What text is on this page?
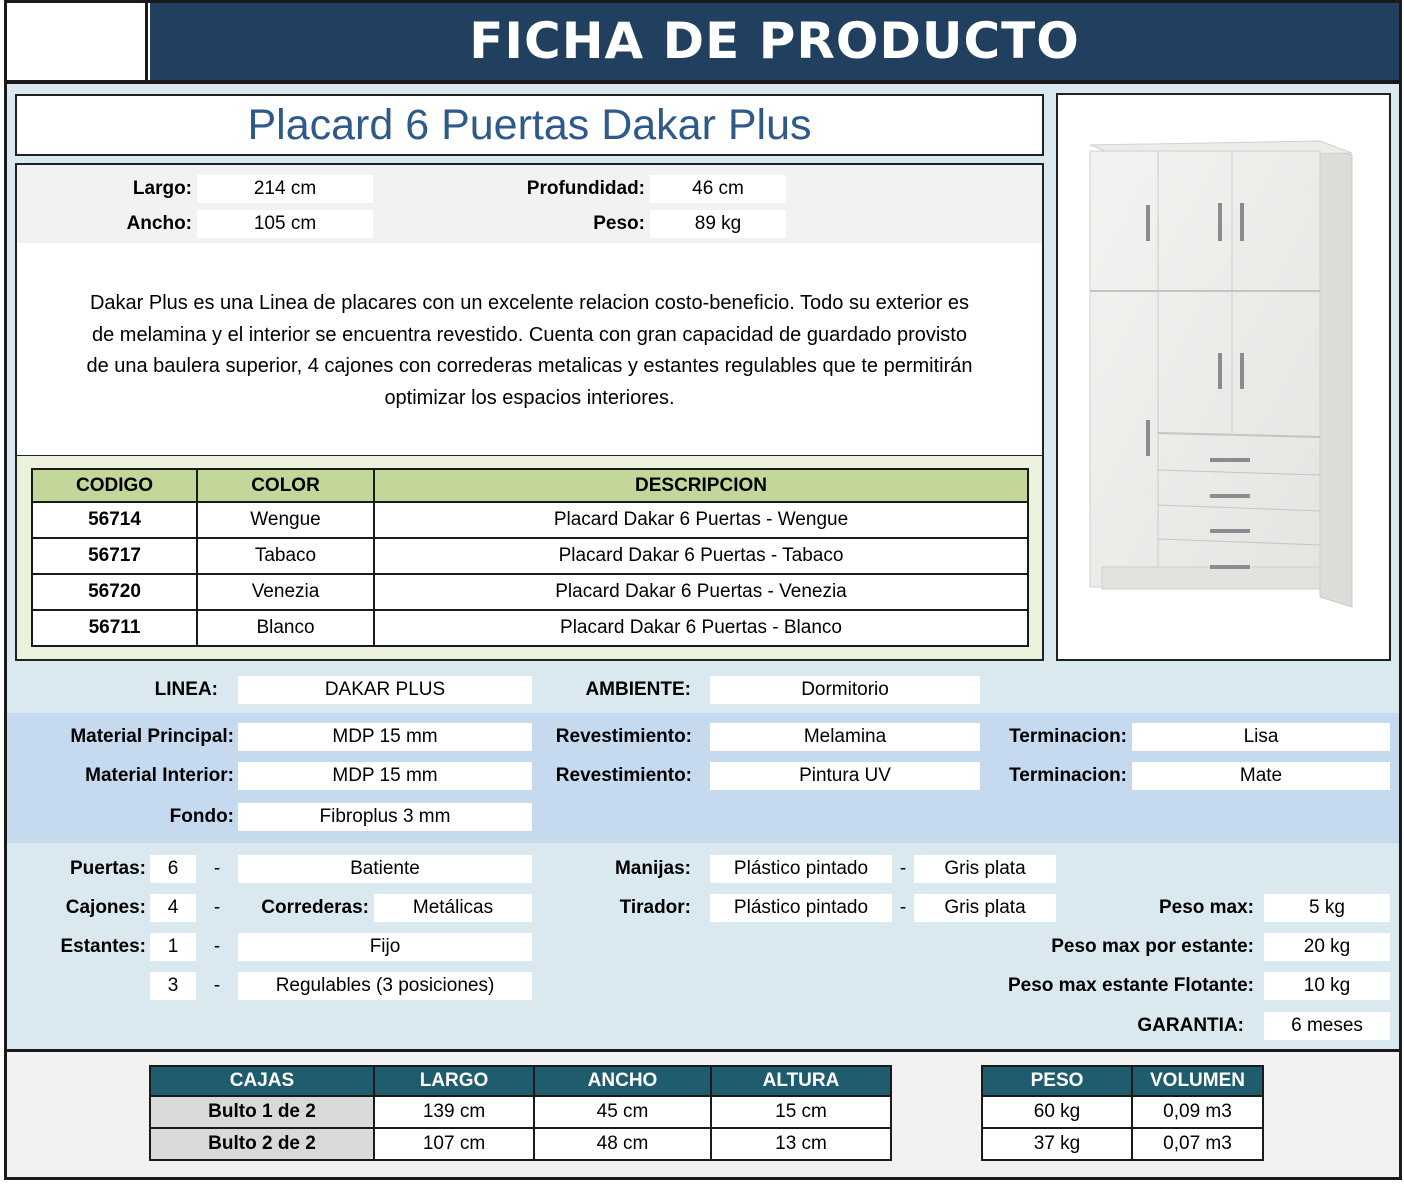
FICHA DE PRODUCTO
Placard 6 Puertas Dakar Plus
Largo:	214 cm
Ancho:	105 cm
Profundidad:	46 cm
Peso:	89 kg
Dakar Plus es una Linea de placares con un excelente relacion costo-beneficio. Todo su exterior es
de melamina y el interior se encuentra revestido. Cuenta con gran capacidad de guardado provisto
de una baulera superior, 4 cajones con correderas metalicas y estantes regulables que te permitirán
optimizar los espacios interiores.
CODIGO	COLOR	DESCRIPCION
56714	Wengue	Placard Dakar 6 Puertas - Wengue
56717	Tabaco	Placard Dakar 6 Puertas - Tabaco
56720	Venezia	Placard Dakar 6 Puertas - Venezia
56711	Blanco	Placard Dakar 6 Puertas - Blanco
LINEA:	DAKAR PLUS	AMBIENTE:	Dormitorio
Material Principal:	MDP 15 mm	Revestimiento:	Melamina	Terminacion:	Lisa
Material Interior:	MDP 15 mm	Revestimiento:	Pintura UV	Terminacion:	Mate
Fondo:	Fibroplus 3 mm
Puertas:	6	-	Batiente
Cajones:	4	-	Correderas:	Metálicas
Estantes:	1	-	Fijo
3	-	Regulables (3 posiciones)
Manijas:	Plástico pintado	-	Gris plata
Tirador:	Plástico pintado	-	Gris plata	Peso max:	5 kg
Peso max por estante:	20 kg
Peso max estante Flotante:	10 kg
GARANTIA:	6 meses
CAJAS	LARGO	ANCHO	ALTURA
Bulto 1 de 2	139 cm	45 cm	15 cm
Bulto 2 de 2	107 cm	48 cm	13 cm
PESO	VOLUMEN
60 kg	0,09 m3
37 kg	0,07 m3
